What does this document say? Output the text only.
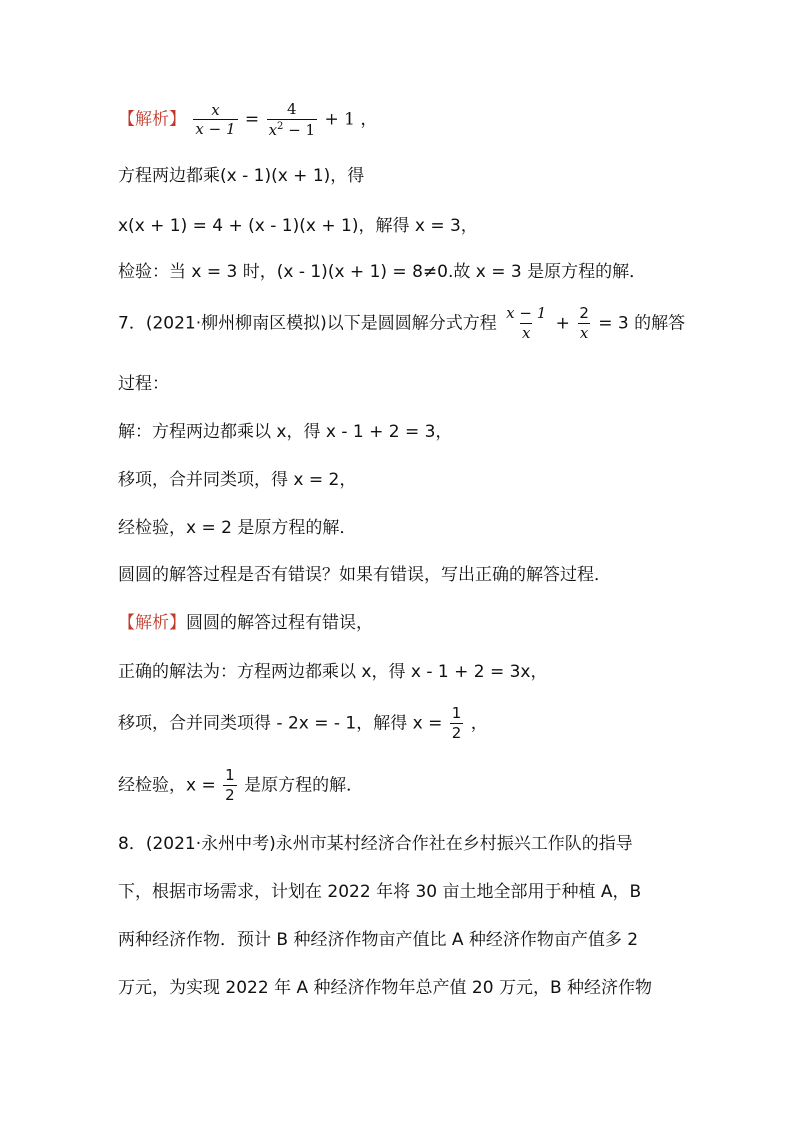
【解析】 $\frac{x}{x - 1} = \frac{4}{x^2 - 1} + 1$ ，
方程两边都乘(x - 1)(x + 1)，得
x(x + 1) = 4 + (x - 1)(x + 1)，解得 x = 3，
检验：当 x = 3 时，(x - 1)(x + 1) = 8≠0.故 x = 3 是原方程的解．
7．(2021·柳州柳南区模拟)以下是圆圆解分式方程 $\frac{x - 1}{x} + \frac{2}{x} = 3$ 的解答
过程：
解：方程两边都乘以 x，得 x - 1 + 2 = 3，
移项，合并同类项，得 x = 2，
经检验，x = 2 是原方程的解．
圆圆的解答过程是否有错误？如果有错误，写出正确的解答过程．
【解析】圆圆的解答过程有错误，
正确的解法为：方程两边都乘以 x，得 x - 1 + 2 = 3x，
移项，合并同类项得 - 2x = - 1，解得 $x = \frac{1}{2}$ ，
经检验，$x = \frac{1}{2}$ 是原方程的解．
8．(2021·永州中考)永州市某村经济合作社在乡村振兴工作队的指导
下，根据市场需求，计划在 2022 年将 30 亩土地全部用于种植 A，B
两种经济作物．预计 B 种经济作物亩产值比 A 种经济作物亩产值多 2
万元，为实现 2022 年 A 种经济作物年总产值 20 万元，B 种经济作物
